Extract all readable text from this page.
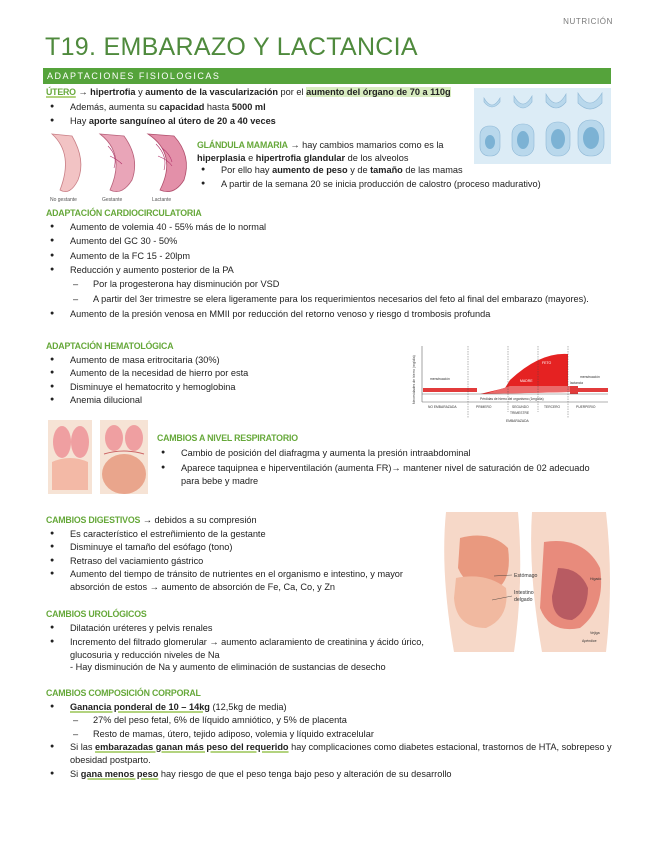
NUTRICIÓN
T19. EMBARAZO Y LACTANCIA
ADAPTACIONES FISIOLOGICAS
ÚTERO → hipertrofia y aumento de la vascularización por el aumento del órgano de 70 a 110g
● Además, aumenta su capacidad hasta 5000 ml
● Hay aporte sanguíneo al útero de 20 a 40 veces
No gestante	Gestante	Lactante
GLÁNDULA MAMARIA → hay cambios mamarios como es la
hiperplasia e hipertrofia glandular de los alveolos
● Por ello hay aumento de peso y de tamaño de las mamas
● A partir de la semana 20 se inicia producción de calostro (proceso madurativo)
ADAPTACIÓN CARDIOCIRCULATORIA
● Aumento de volemia 40 - 55% más de lo normal
● Aumento del GC 30 - 50%
● Aumento de la FC 15 - 20lpm
● Reducción y aumento posterior de la PA
– Por la progesterona hay disminución por VSD
– A partir del 3er trimestre se elera ligeramente para los requerimientos necesarios del feto al final del embarazo (mayores).
● Aumento de la presión venosa en MMII por reducción del retorno venoso y riesgo d trombosis profunda
ADAPTACIÓN HEMATOLÓGICA
● Aumento de masa eritrocitaria (30%)
● Aumento de la necesidad de hierro por esta
● Disminuye el hematocrito y hemoglobina
● Anemia dilucional	Necesidades de hierro (mg/dia)	FETO
MADRE	lactancia
menstruación	menstruación
Pérdidas de hierro del organismo (1mg/día)
NO EMBARAZADA	PRIMERO	SEGUNDO	TERCERO	PUERPERIO
TRIMESTRE
EMBARAZADA
CAMBIOS A NIVEL RESPIRATORIO
● Cambio de posición del diafragma y aumenta la presión intraabdominal
● Aparece taquipnea e hiperventilación (aumenta FR)→ mantener nivel de saturación de 02 adecuado para bebe y madre
CAMBIOS DIGESTIVOS → debidos a su compresión
● Es característico el estreñimiento de la gestante
● Disminuye el tamaño del esófago (tono)
● Retraso del vaciamiento gástrico
● Aumento del tiempo de tránsito de nutrientes en el organismo e intestino, y mayor absorción de estos → aumento de absorción de Fe, Ca, Co, y Zn
Estómago
Intestino
delgado
Hígado
Vejiga
Apéndice
CAMBIOS UROLÓGICOS
● Dilatación uréteres y pelvis renales
● Incremento del filtrado glomerular → aumento aclaramiento de creatinina y ácido úrico, glucosuria y reducción niveles de Na
- Hay disminución de Na y aumento de eliminación de sustancias de desecho
CAMBIOS COMPOSICIÓN CORPORAL
● Ganancia ponderal de 10 – 14kg (12,5kg de media)
– 27% del peso fetal, 6% de líquido amniótico, y 5% de placenta
– Resto de mamas, útero, tejido adiposo, volemia y líquido extracelular
● Si las embarazadas ganan más peso del requerido hay complicaciones como diabetes estacional, trastornos de HTA, sobrepeso y obesidad postparto.
● Si gana menos peso hay riesgo de que el peso tenga bajo peso y alteración de su desarrollo
